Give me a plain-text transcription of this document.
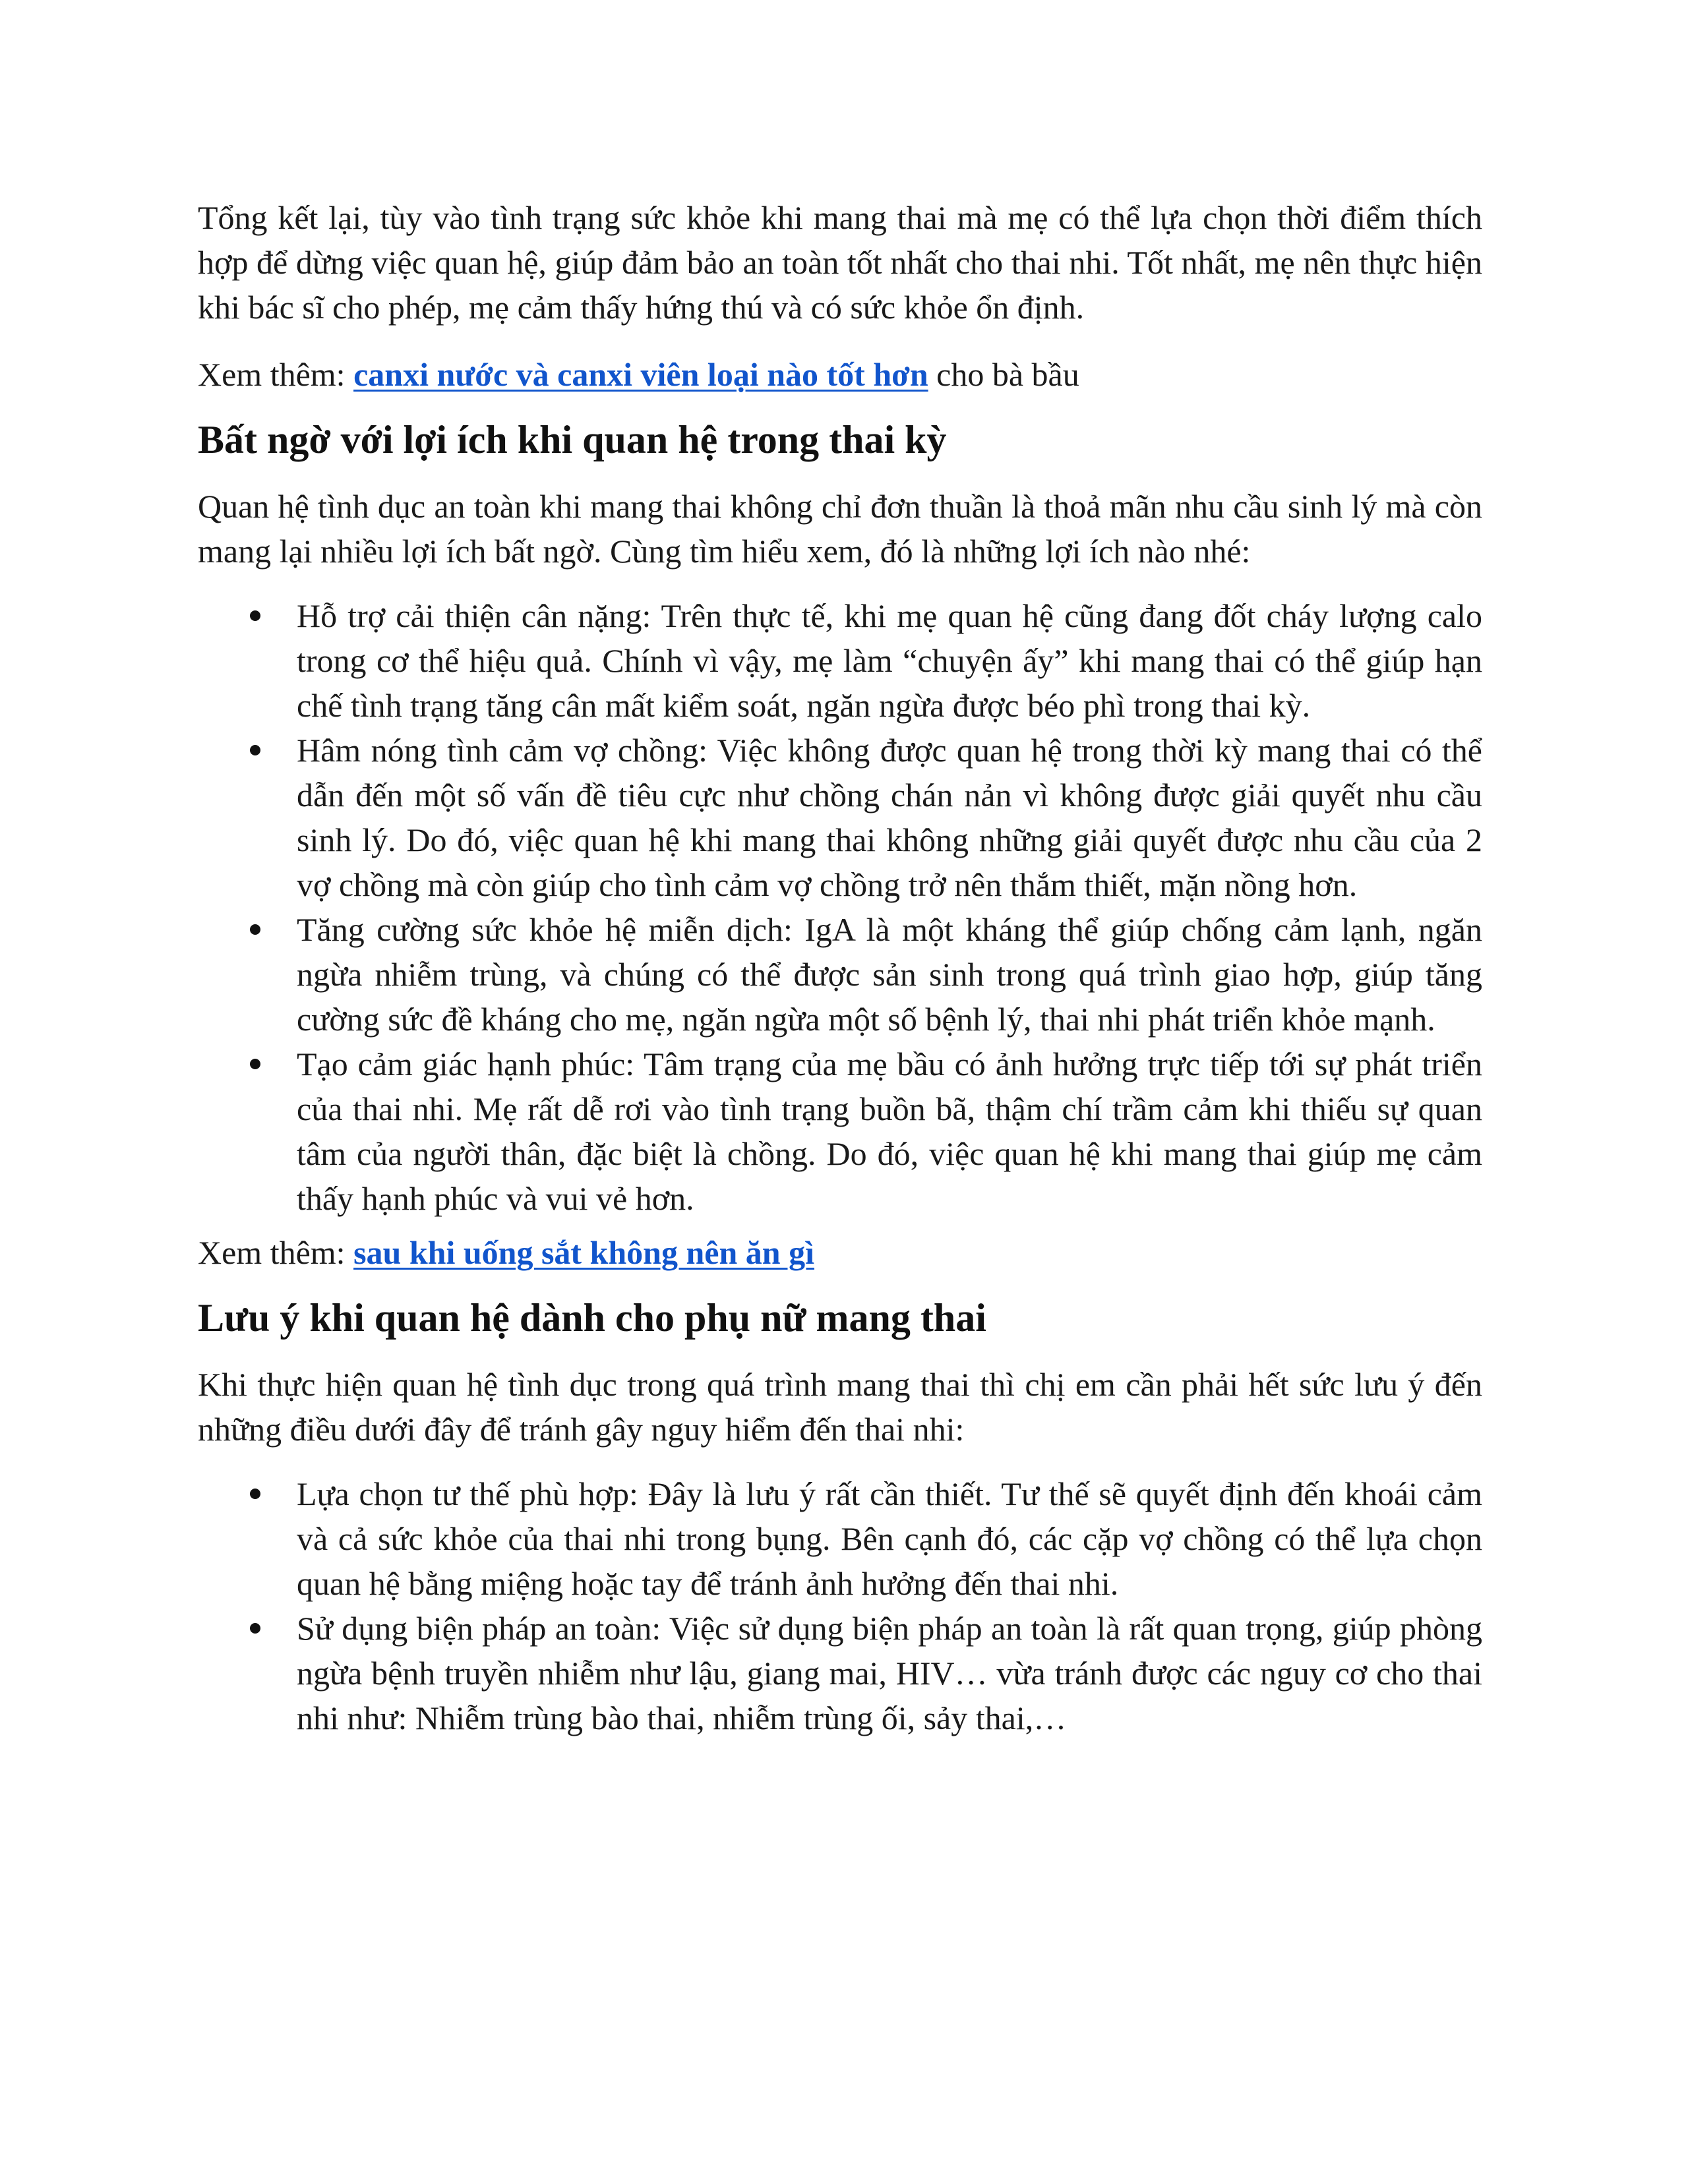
Tổng kết lại, tùy vào tình trạng sức khỏe khi mang thai mà mẹ có thể lựa chọn thời điểm thích hợp để dừng việc quan hệ, giúp đảm bảo an toàn tốt nhất cho thai nhi. Tốt nhất, mẹ nên thực hiện khi bác sĩ cho phép, mẹ cảm thấy hứng thú và có sức khỏe ổn định.

Xem thêm: canxi nước và canxi viên loại nào tốt hơn cho bà bầu

Bất ngờ với lợi ích khi quan hệ trong thai kỳ

Quan hệ tình dục an toàn khi mang thai không chỉ đơn thuần là thoả mãn nhu cầu sinh lý mà còn mang lại nhiều lợi ích bất ngờ. Cùng tìm hiểu xem, đó là những lợi ích nào nhé:

Hỗ trợ cải thiện cân nặng: Trên thực tế, khi mẹ quan hệ cũng đang đốt cháy lượng calo trong cơ thể hiệu quả. Chính vì vậy, mẹ làm “chuyện ấy” khi mang thai có thể giúp hạn chế tình trạng tăng cân mất kiểm soát, ngăn ngừa được béo phì trong thai kỳ.
Hâm nóng tình cảm vợ chồng: Việc không được quan hệ trong thời kỳ mang thai có thể dẫn đến một số vấn đề tiêu cực như chồng chán nản vì không được giải quyết nhu cầu sinh lý. Do đó, việc quan hệ khi mang thai không những giải quyết được nhu cầu của 2 vợ chồng mà còn giúp cho tình cảm vợ chồng trở nên thắm thiết, mặn nồng hơn.
Tăng cường sức khỏe hệ miễn dịch: IgA là một kháng thể giúp chống cảm lạnh, ngăn ngừa nhiễm trùng, và chúng có thể được sản sinh trong quá trình giao hợp, giúp tăng cường sức đề kháng cho mẹ, ngăn ngừa một số bệnh lý, thai nhi phát triển khỏe mạnh.
Tạo cảm giác hạnh phúc: Tâm trạng của mẹ bầu có ảnh hưởng trực tiếp tới sự phát triển của thai nhi. Mẹ rất dễ rơi vào tình trạng buồn bã, thậm chí trầm cảm khi thiếu sự quan tâm của người thân, đặc biệt là chồng. Do đó, việc quan hệ khi mang thai giúp mẹ cảm thấy hạnh phúc và vui vẻ hơn.

Xem thêm: sau khi uống sắt không nên ăn gì

Lưu ý khi quan hệ dành cho phụ nữ mang thai

Khi thực hiện quan hệ tình dục trong quá trình mang thai thì chị em cần phải hết sức lưu ý đến những điều dưới đây để tránh gây nguy hiểm đến thai nhi:

Lựa chọn tư thế phù hợp: Đây là lưu ý rất cần thiết. Tư thế sẽ quyết định đến khoái cảm và cả sức khỏe của thai nhi trong bụng. Bên cạnh đó, các cặp vợ chồng có thể lựa chọn quan hệ bằng miệng hoặc tay để tránh ảnh hưởng đến thai nhi.
Sử dụng biện pháp an toàn: Việc sử dụng biện pháp an toàn là rất quan trọng, giúp phòng ngừa bệnh truyền nhiễm như lậu, giang mai, HIV… vừa tránh được các nguy cơ cho thai nhi như: Nhiễm trùng bào thai, nhiễm trùng ối, sảy thai,…
